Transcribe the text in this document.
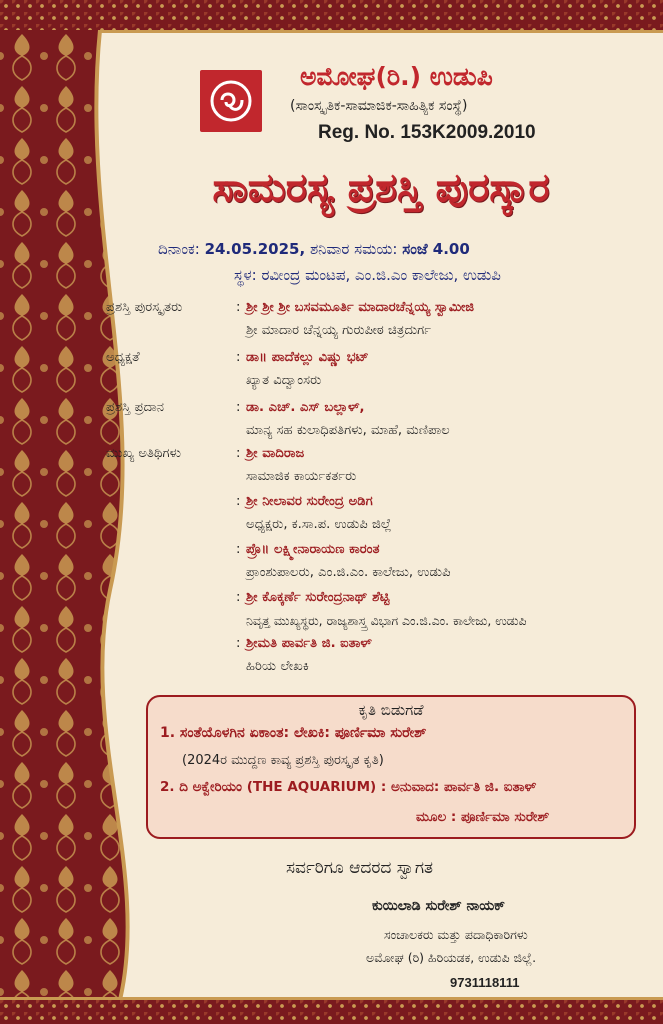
ಅಮೋಘ(ರಿ.) ಉಡುಪಿ
(ಸಾಂಸ್ಕೃತಿಕ-ಸಾಮಾಜಿಕ-ಸಾಹಿತ್ಯಿಕ ಸಂಸ್ಥೆ)
Reg. No. 153K2009.2010
ಸಾಮರಸ್ಯ ಪ್ರಶಸ್ತಿ ಪುರಸ್ಕಾರ
ದಿನಾಂಕ: 24.05.2025, ಶನಿವಾರ ಸಮಯ: ಸಂಜೆ 4.00
ಸ್ಥಳ: ರವೀಂದ್ರ ಮಂಟಪ, ಎಂ.ಜಿ.ಎಂ ಕಾಲೇಜು, ಉಡುಪಿ
ಪ್ರಶಸ್ತಿ ಪುರಸ್ಕೃತರು	: ಶ್ರೀ ಶ್ರೀ ಶ್ರೀ ಬಸವಮೂರ್ತಿ ಮಾದಾರಚೆನ್ನಯ್ಯ ಸ್ವಾಮೀಜಿ
ಶ್ರೀ ಮಾದಾರ ಚೆನ್ನಯ್ಯ ಗುರುಪೀಠ ಚಿತ್ರದುರ್ಗ
ಅಧ್ಯಕ್ಷತೆ	: ಡಾ॥ ಪಾದೆಕಲ್ಲು ವಿಷ್ಣು ಭಟ್
ಖ್ಯಾತ ವಿದ್ವಾಂಸರು
ಪ್ರಶಸ್ತಿ ಪ್ರದಾನ	: ಡಾ. ಎಚ್. ಎಸ್ ಬಲ್ಲಾಳ್,
ಮಾನ್ಯ ಸಹ ಕುಲಾಧಿಪತಿಗಳು, ಮಾಹೆ, ಮಣಿಪಾಲ
ಮುಖ್ಯ ಅತಿಥಿಗಳು	: ಶ್ರೀ ವಾದಿರಾಜ
ಸಾಮಾಜಿಕ ಕಾರ್ಯಕರ್ತರು
: ಶ್ರೀ ನೀಲಾವರ ಸುರೇಂದ್ರ ಅಡಿಗ
ಅಧ್ಯಕ್ಷರು, ಕ.ಸಾ.ಪ. ಉಡುಪಿ ಜಿಲ್ಲೆ
: ಪ್ರೊ॥ ಲಕ್ಷ್ಮೀನಾರಾಯಣ ಕಾರಂತ
ಪ್ರಾಂಶುಪಾಲರು, ಎಂ.ಜಿ.ಎಂ. ಕಾಲೇಜು, ಉಡುಪಿ
: ಶ್ರೀ ಕೊಕ್ಕರ್ಣೆ ಸುರೇಂದ್ರನಾಥ್ ಶೆಟ್ಟಿ
ನಿವೃತ್ತ ಮುಖ್ಯಸ್ಥರು, ರಾಜ್ಯಶಾಸ್ತ್ರ ವಿಭಾಗ ಎಂ.ಜಿ.ಎಂ. ಕಾಲೇಜು, ಉಡುಪಿ
: ಶ್ರೀಮತಿ ಪಾರ್ವತಿ ಜಿ. ಐತಾಳ್
ಹಿರಿಯ ಲೇಖಕಿ
ಕೃತಿ ಬಿಡುಗಡೆ
1. ಸಂತೆಯೊಳಗಿನ ಏಕಾಂತ: ಲೇಖಕಿ: ಪೂರ್ಣಿಮಾ ಸುರೇಶ್
(2024ರ ಮುದ್ದಣ ಕಾವ್ಯ ಪ್ರಶಸ್ತಿ ಪುರಸ್ಕೃತ ಕೃತಿ)
2. ದಿ ಅಕ್ವೇರಿಯಂ (THE AQUARIUM) : ಅನುವಾದ: ಪಾರ್ವತಿ ಜಿ. ಐತಾಳ್
ಮೂಲ : ಪೂರ್ಣಿಮಾ ಸುರೇಶ್
ಸರ್ವರಿಗೂ ಆದರದ ಸ್ವಾಗತ
ಕುಯಿಲಾಡಿ ಸುರೇಶ್ ನಾಯಕ್
ಸಂಚಾಲಕರು ಮತ್ತು ಪದಾಧಿಕಾರಿಗಳು
ಅಮೋಘ (ರಿ) ಹಿರಿಯಡಕ, ಉಡುಪಿ ಜಿಲ್ಲೆ.
9731118111
